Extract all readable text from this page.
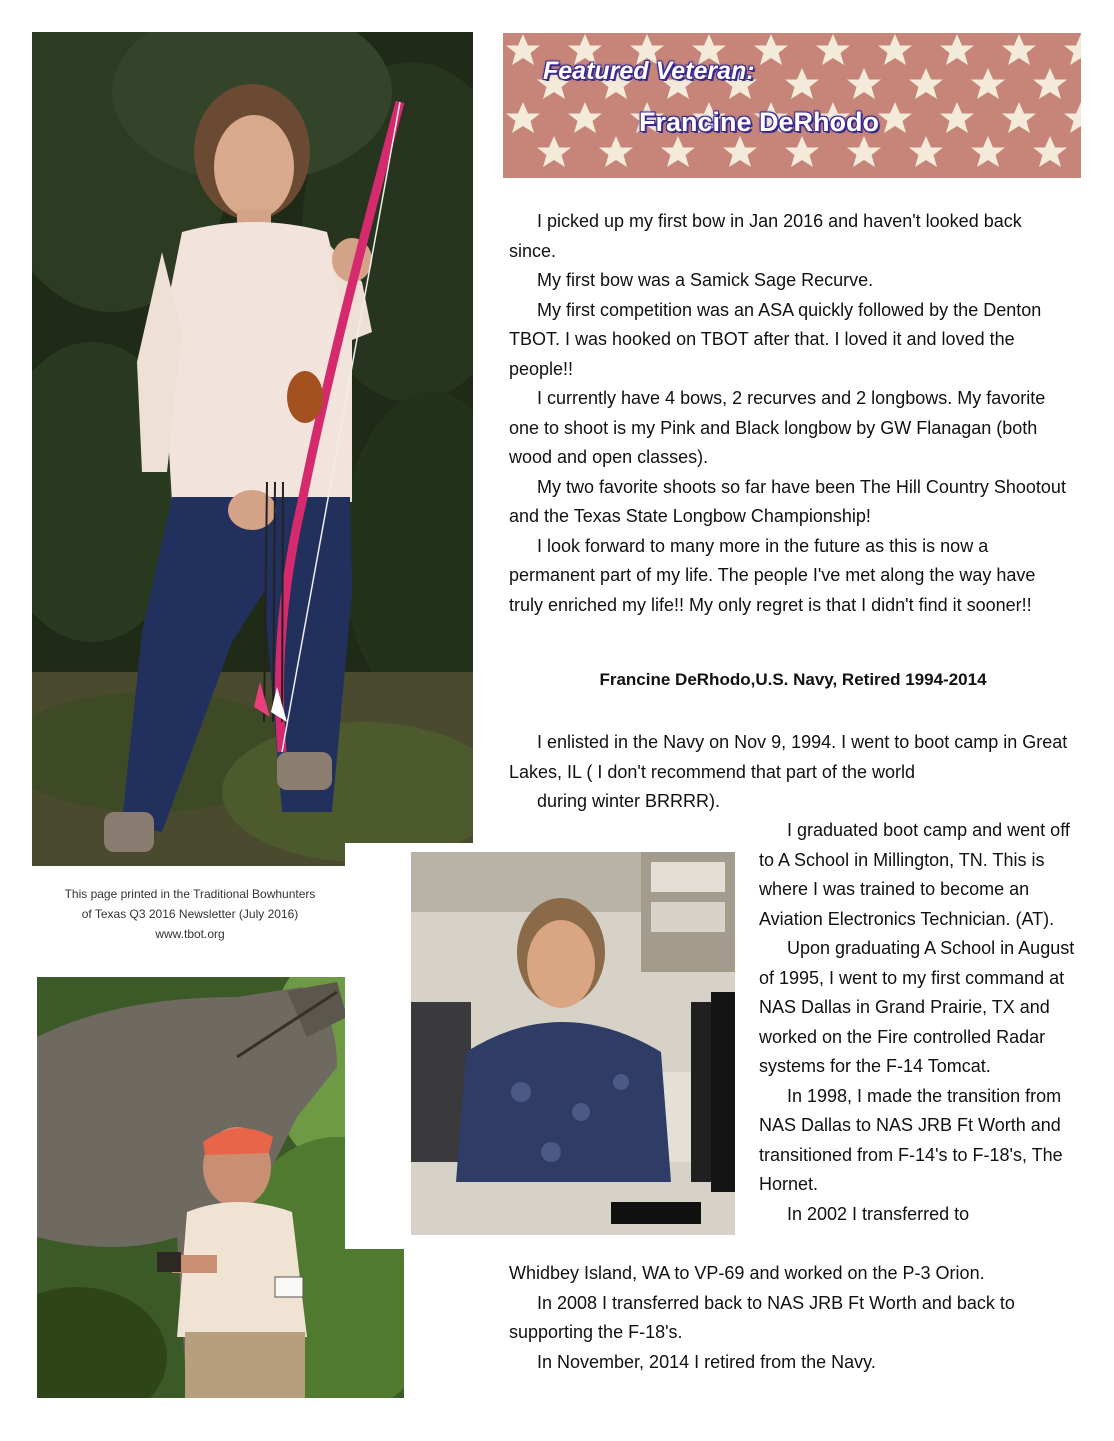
Featured Veteran:
Francine DeRhodo

I picked up my first bow in Jan 2016 and haven't looked back since.

My first bow was a Samick Sage Recurve.

My first competition was an ASA quickly followed by the Denton TBOT. I was hooked on TBOT after that. I loved it and loved the people!!

I currently have 4 bows, 2 recurves and 2 longbows. My favorite one to shoot is my Pink and Black longbow by GW Flanagan (both wood and open classes).

My two favorite shoots so far have been The Hill Country Shootout and the Texas State Longbow Championship!

I look forward to many more in the future as this is now a permanent part of my life. The people I've met along the way have truly enriched my life!! My only regret is that I didn't find it sooner!!

Francine DeRhodo,U.S. Navy, Retired 1994-2014

I enlisted in the Navy on Nov 9, 1994. I went to boot camp in Great Lakes, IL ( I don't recommend that part of the world

during winter BRRRR).

I graduated boot camp and went off to A School in Millington, TN. This is where I was trained to become an Aviation Electronics Technician. (AT).

Upon graduating A School in August of 1995, I went to my first command at NAS Dallas in Grand Prairie, TX and worked on the Fire controlled Radar systems for the F-14 Tomcat.

In 1998, I made the transition from NAS Dallas to NAS JRB Ft Worth and transitioned from F-14's to F-18's, The Hornet.

In 2002 I transferred to

Whidbey Island, WA to VP-69 and worked on the P-3 Orion.

In 2008 I transferred back to NAS JRB Ft Worth and back to supporting the F-18's.

In November, 2014 I retired from the Navy.

This page printed in the Traditional Bowhunters
of Texas Q3 2016 Newsletter (July 2016)
www.tbot.org
